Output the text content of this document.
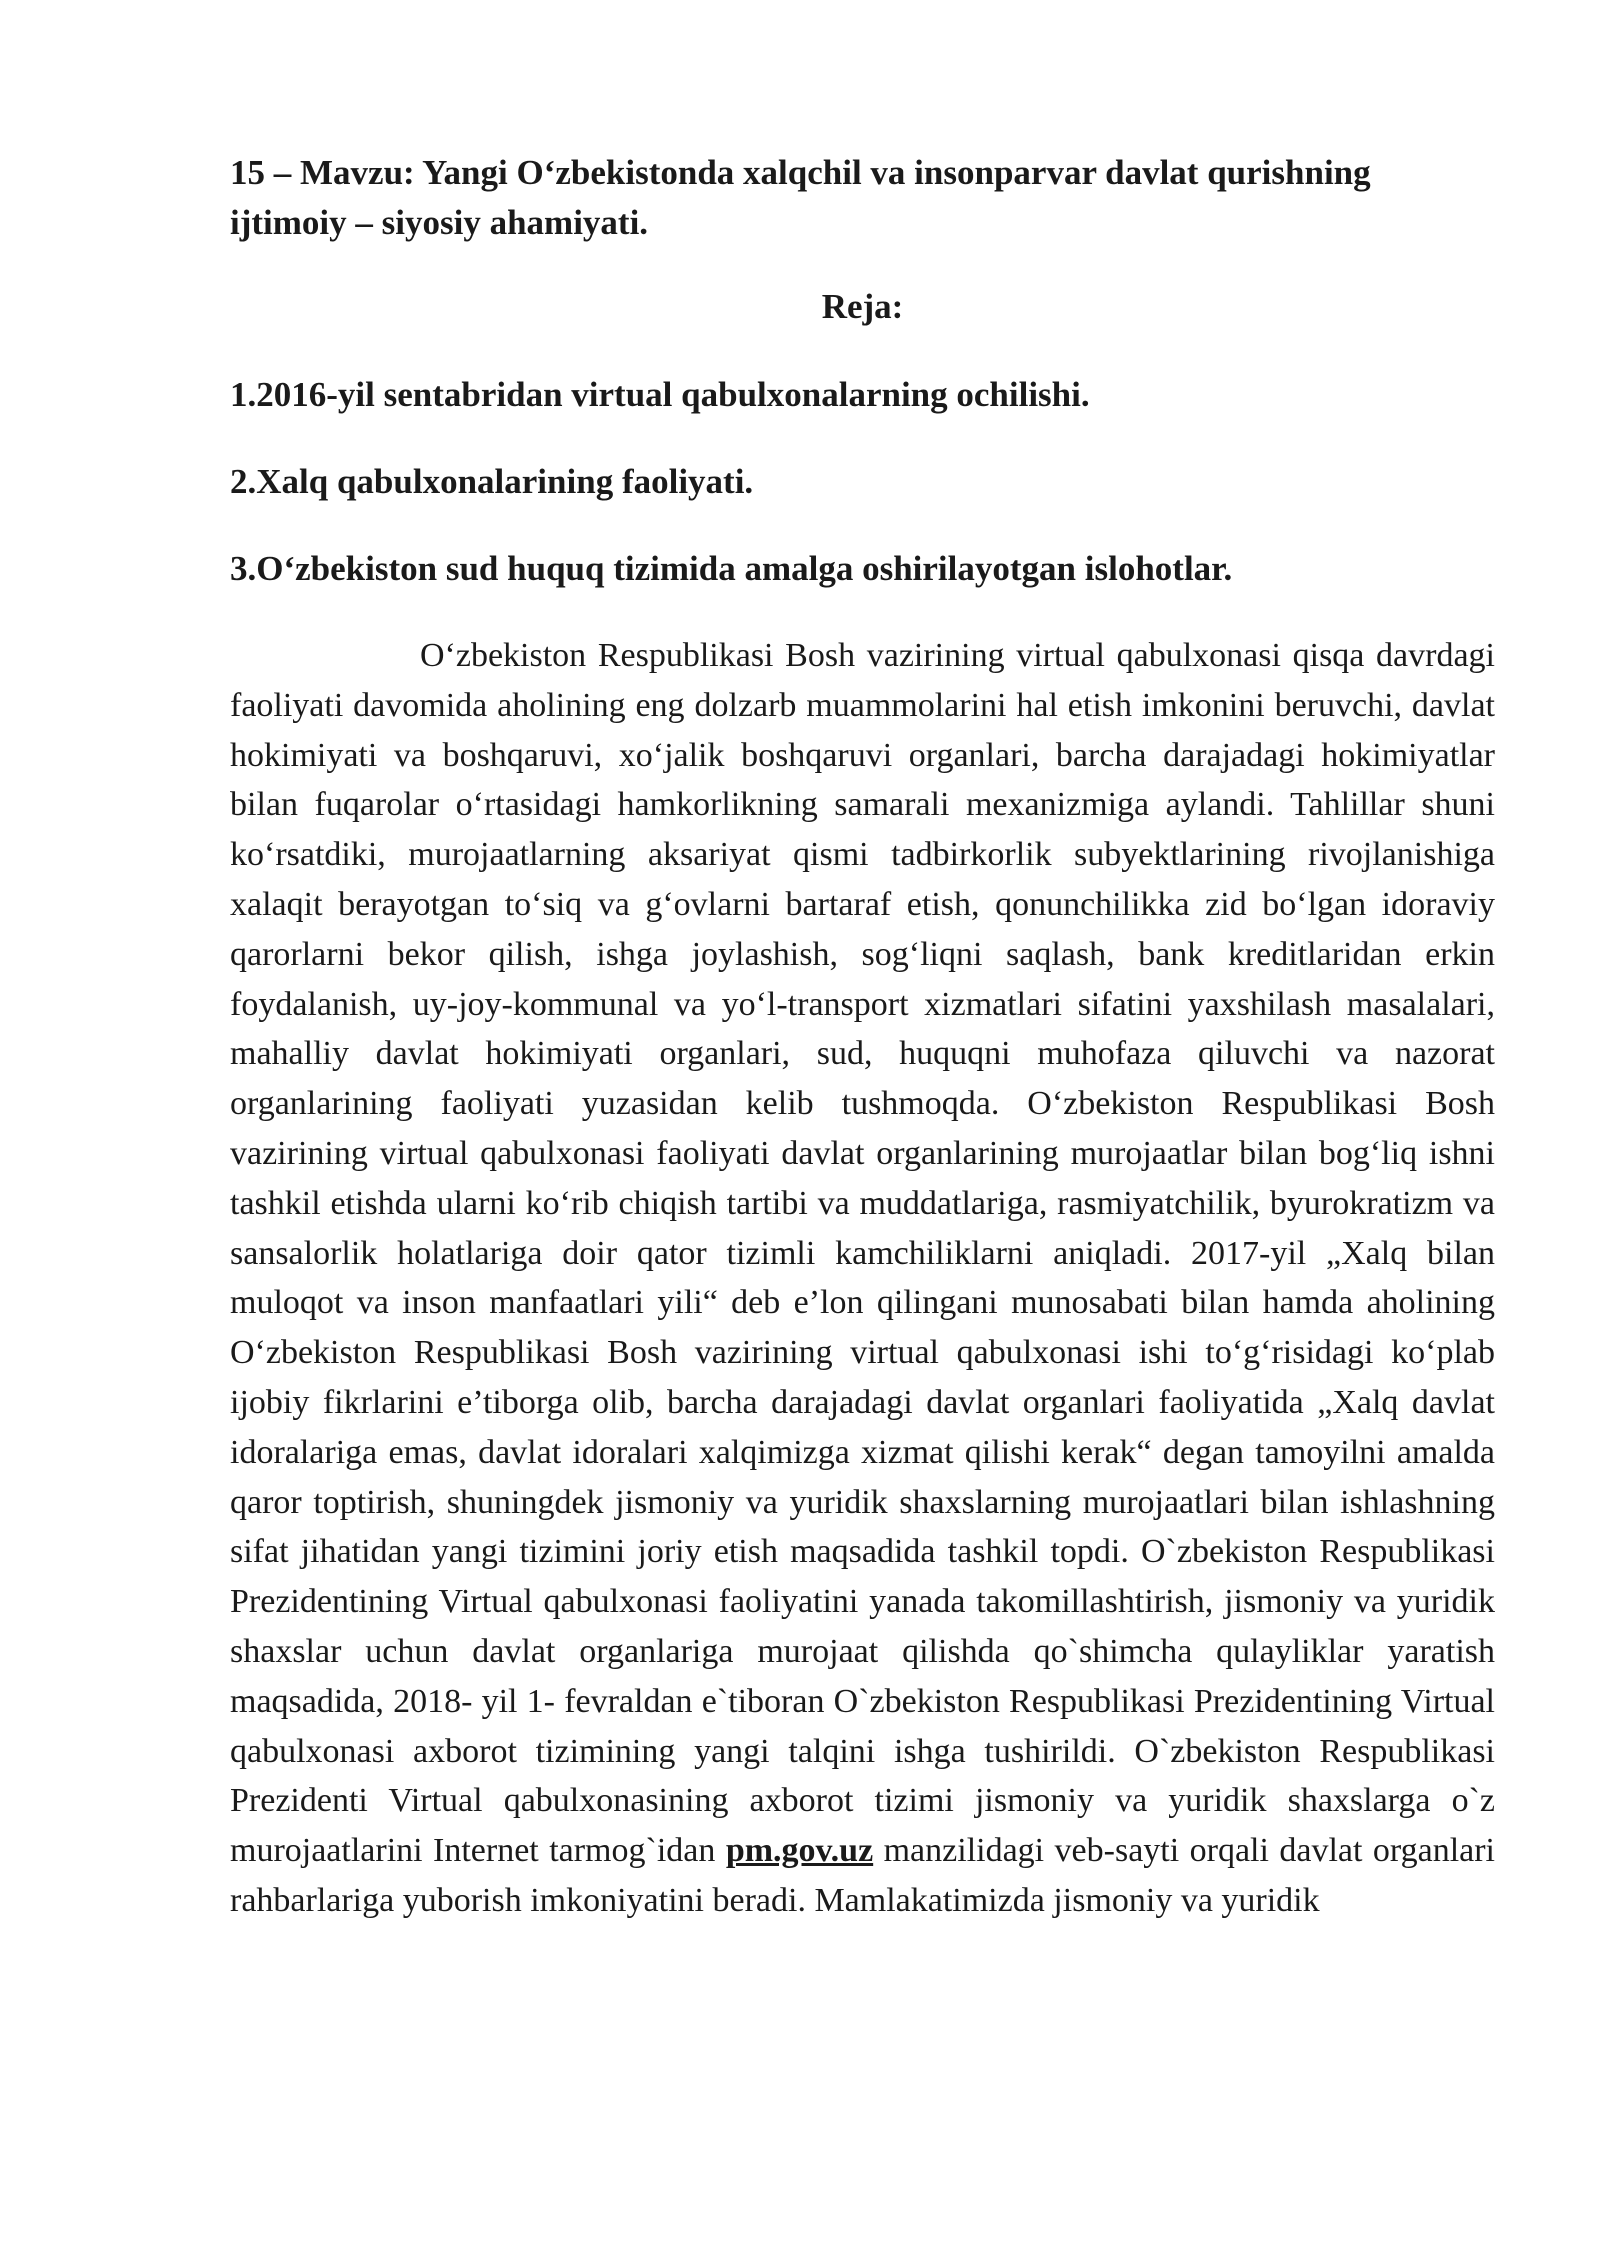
15 – Mavzu: Yangi O‘zbekistonda xalqchil va insonparvar davlat qurishning ijtimoiy – siyosiy ahamiyati.

Reja:

1.2016-yil sentabridan virtual qabulxonalarning ochilishi.

2.Xalq qabulxonalarining faoliyati.

3.O‘zbekiston sud huquq tizimida amalga oshirilayotgan islohotlar.

O‘zbekiston Respublikasi Bosh vazirining virtual qabulxonasi qisqa davrdagi faoliyati davomida aholining eng dolzarb muammolarini hal etish imkonini beruvchi, davlat hokimiyati va boshqaruvi, xo‘jalik boshqaruvi organlari, barcha darajadagi hokimiyatlar bilan fuqarolar o‘rtasidagi hamkorlikning samarali mexanizmiga aylandi. Tahlillar shuni ko‘rsatdiki, murojaatlarning aksariyat qismi tadbirkorlik subyektlarining rivojlanishiga xalaqit berayotgan to‘siq va g‘ovlarni bartaraf etish, qonunchilikka zid bo‘lgan idoraviy qarorlarni bekor qilish, ishga joylashish, sog‘liqni saqlash, bank kreditlaridan erkin foydalanish, uy-joy-kommunal va yo‘l-transport xizmatlari sifatini yaxshilash masalalari, mahalliy davlat hokimiyati organlari, sud, huquqni muhofaza qiluvchi va nazorat organlarining faoliyati yuzasidan kelib tushmoqda. O‘zbekiston Respublikasi Bosh vazirining virtual qabulxonasi faoliyati davlat organlarining murojaatlar bilan bog‘liq ishni tashkil etishda ularni ko‘rib chiqish tartibi va muddatlariga, rasmiyatchilik, byurokratizm va sansalorlik holatlariga doir qator tizimli kamchiliklarni aniqladi. 2017-yil „Xalq bilan muloqot va inson manfaatlari yili“ deb e’lon qilingani munosabati bilan hamda aholining O‘zbekiston Respublikasi Bosh vazirining virtual qabulxonasi ishi to‘g‘risidagi ko‘plab ijobiy fikrlarini e’tiborga olib, barcha darajadagi davlat organlari faoliyatida „Xalq davlat idoralariga emas, davlat idoralari xalqimizga xizmat qilishi kerak“ degan tamoyilni amalda qaror toptirish, shuningdek jismoniy va yuridik shaxslarning murojaatlari bilan ishlashning sifat jihatidan yangi tizimini joriy etish maqsadida tashkil topdi. O`zbekiston Respublikasi Prezidentining Virtual qabulxonasi faoliyatini yanada takomillashtirish, jismoniy va yuridik shaxslar uchun davlat organlariga murojaat qilishda qo`shimcha qulayliklar yaratish maqsadida, 2018- yil 1- fevraldan e`tiboran O`zbekiston Respublikasi Prezidentining Virtual qabulxonasi axborot tizimining yangi talqini ishga tushirildi. O`zbekiston Respublikasi Prezidenti Virtual qabulxonasining axborot tizimi jismoniy va yuridik shaxslarga o`z murojaatlarini Internet tarmog`idan pm.gov.uz manzilidagi veb-sayti orqali davlat organlari rahbarlariga yuborish imkoniyatini beradi. Mamlakatimizda jismoniy va yuridik
